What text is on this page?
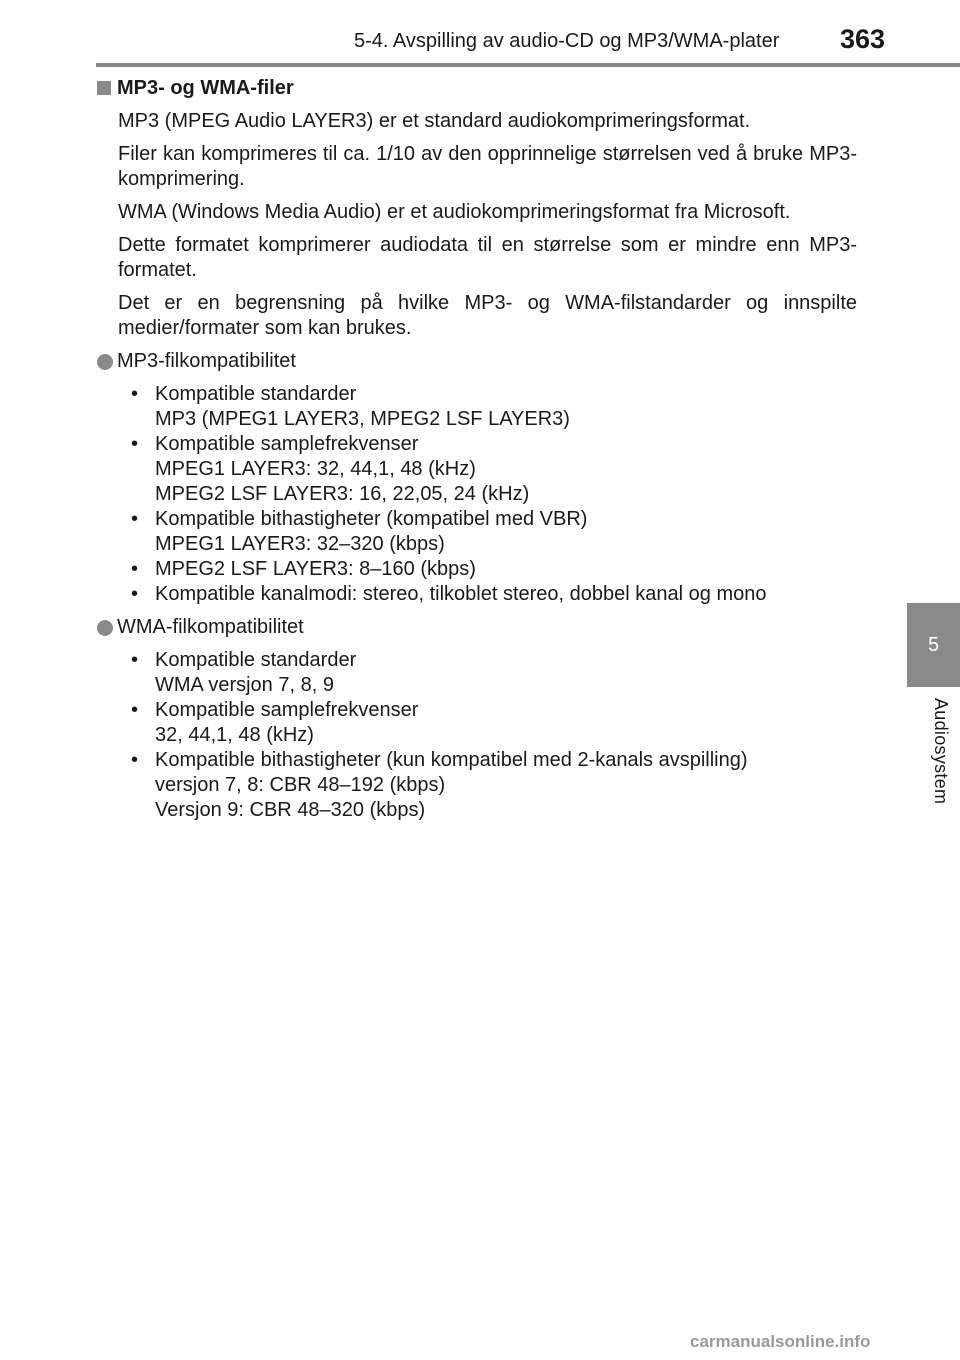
5-4. Avspilling av audio-CD og MP3/WMA-plater 363
5
Audiosystem
MP3- og WMA-filer

MP3 (MPEG Audio LAYER3) er et standard audiokomprimeringsformat.

Filer kan komprimeres til ca. 1/10 av den opprinnelige størrelsen ved å bruke MP3-komprimering.

WMA (Windows Media Audio) er et audiokomprimeringsformat fra Microsoft.

Dette formatet komprimerer audiodata til en størrelse som er mindre enn MP3-formatet.

Det er en begrensning på hvilke MP3- og WMA-filstandarder og innspilte medier/formater som kan brukes.

MP3-filkompatibilitet
• Kompatible standarder
MP3 (MPEG1 LAYER3, MPEG2 LSF LAYER3)
• Kompatible samplefrekvenser
MPEG1 LAYER3: 32, 44,1, 48 (kHz)
MPEG2 LSF LAYER3: 16, 22,05, 24 (kHz)
• Kompatible bithastigheter (kompatibel med VBR)
MPEG1 LAYER3: 32–320 (kbps)
• MPEG2 LSF LAYER3: 8–160 (kbps)
• Kompatible kanalmodi: stereo, tilkoblet stereo, dobbel kanal og mono
WMA-filkompatibilitet
• Kompatible standarder
WMA versjon 7, 8, 9
• Kompatible samplefrekvenser
32, 44,1, 48 (kHz)
• Kompatible bithastigheter (kun kompatibel med 2-kanals avspilling)
versjon 7, 8: CBR 48–192 (kbps)
Versjon 9: CBR 48–320 (kbps)
carmanualsonline.info
